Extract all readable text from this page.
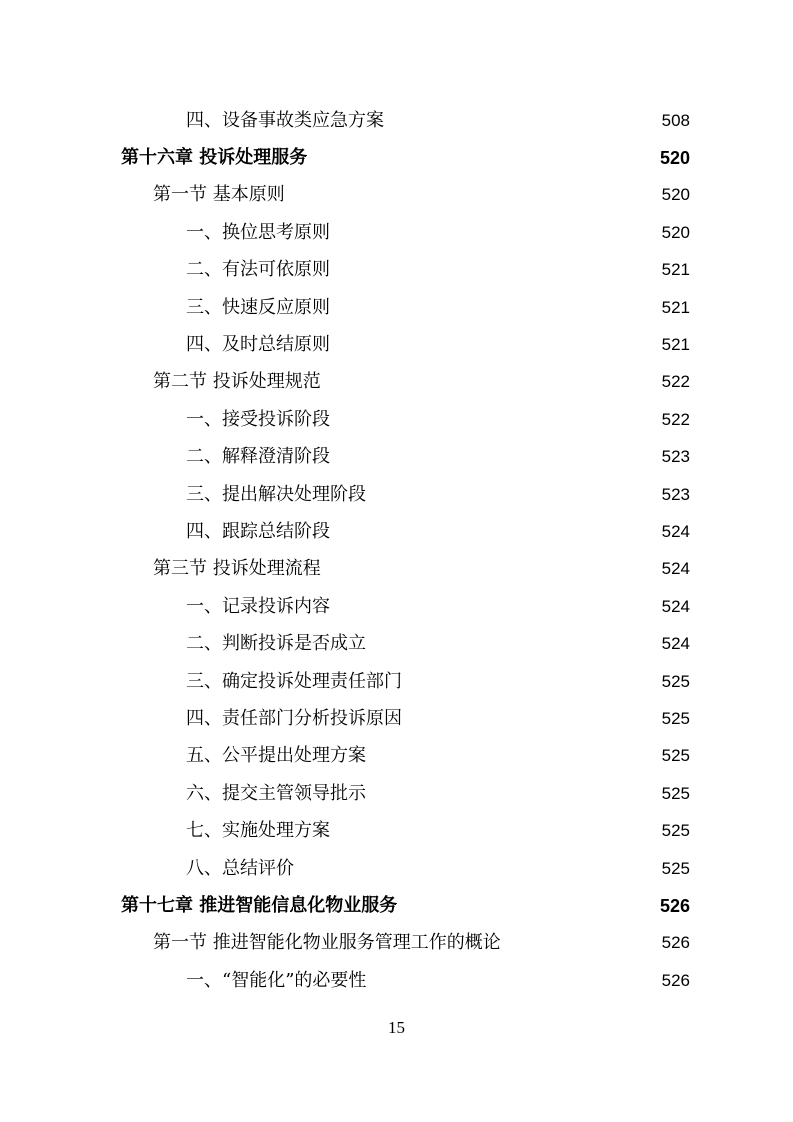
四、设备事故类应急方案	508
第十六章 投诉处理服务	520
第一节 基本原则	520
一、换位思考原则	520
二、有法可依原则	521
三、快速反应原则	521
四、及时总结原则	521
第二节 投诉处理规范	522
一、接受投诉阶段	522
二、解释澄清阶段	523
三、提出解决处理阶段	523
四、跟踪总结阶段	524
第三节 投诉处理流程	524
一、记录投诉内容	524
二、判断投诉是否成立	524
三、确定投诉处理责任部门	525
四、责任部门分析投诉原因	525
五、公平提出处理方案	525
六、提交主管领导批示	525
七、实施处理方案	525
八、总结评价	525
第十七章 推进智能信息化物业服务	526
第一节 推进智能化物业服务管理工作的概论	526
一、“智能化”的必要性	526
15
